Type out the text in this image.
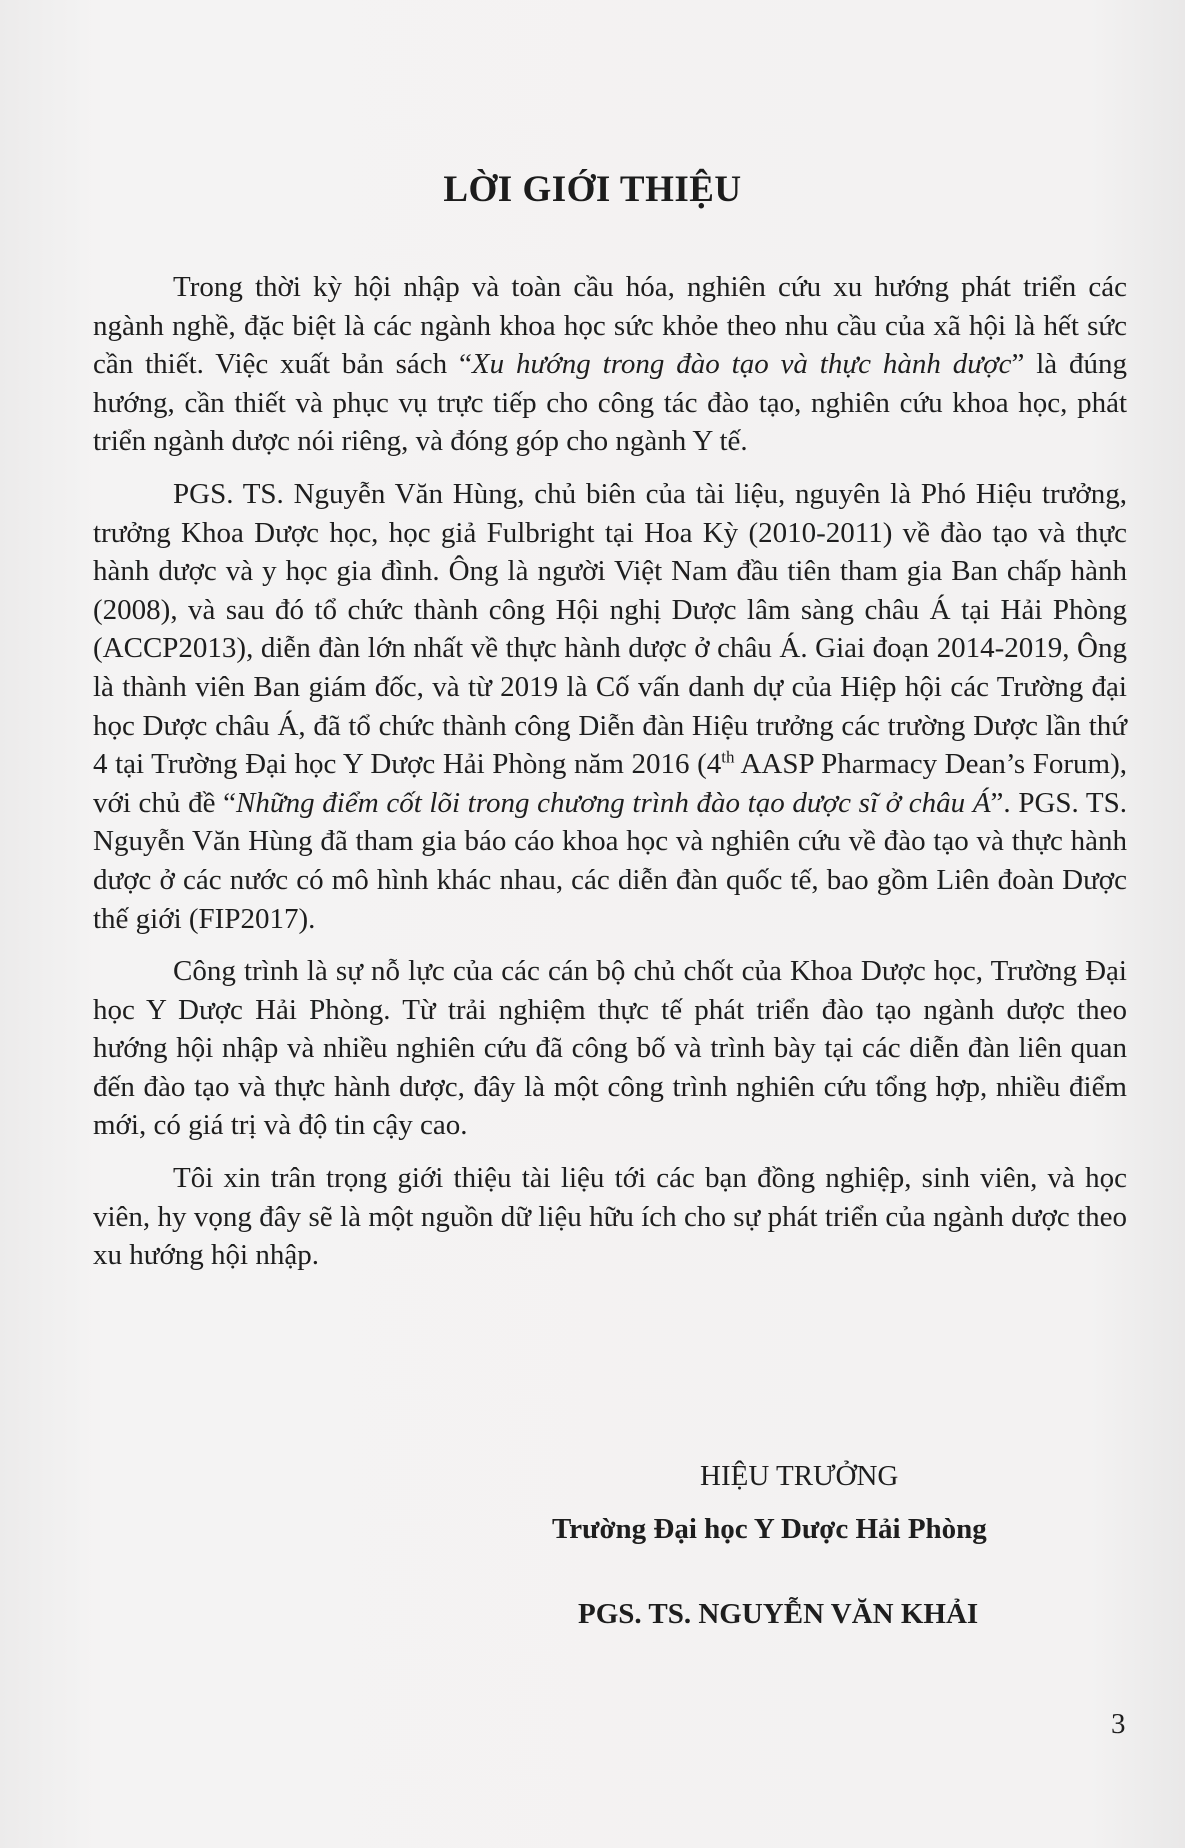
LỜI GIỚI THIỆU

Trong thời kỳ hội nhập và toàn cầu hóa, nghiên cứu xu hướng phát triển các ngành nghề, đặc biệt là các ngành khoa học sức khỏe theo nhu cầu của xã hội là hết sức cần thiết. Việc xuất bản sách “Xu hướng trong đào tạo và thực hành dược” là đúng hướng, cần thiết và phục vụ trực tiếp cho công tác đào tạo, nghiên cứu khoa học, phát triển ngành dược nói riêng, và đóng góp cho ngành Y tế.

PGS. TS. Nguyễn Văn Hùng, chủ biên của tài liệu, nguyên là Phó Hiệu trưởng, trưởng Khoa Dược học, học giả Fulbright tại Hoa Kỳ (2010-2011) về đào tạo và thực hành dược và y học gia đình. Ông là người Việt Nam đầu tiên tham gia Ban chấp hành (2008), và sau đó tổ chức thành công Hội nghị Dược lâm sàng châu Á tại Hải Phòng (ACCP2013), diễn đàn lớn nhất về thực hành dược ở châu Á. Giai đoạn 2014-2019, Ông là thành viên Ban giám đốc, và từ 2019 là Cố vấn danh dự của Hiệp hội các Trường đại học Dược châu Á, đã tổ chức thành công Diễn đàn Hiệu trưởng các trường Dược lần thứ 4 tại Trường Đại học Y Dược Hải Phòng năm 2016 (4th AASP Pharmacy Dean’s Forum), với chủ đề “Những điểm cốt lõi trong chương trình đào tạo dược sĩ ở châu Á”. PGS. TS. Nguyễn Văn Hùng đã tham gia báo cáo khoa học và nghiên cứu về đào tạo và thực hành dược ở các nước có mô hình khác nhau, các diễn đàn quốc tế, bao gồm Liên đoàn Dược thế giới (FIP2017).

Công trình là sự nỗ lực của các cán bộ chủ chốt của Khoa Dược học, Trường Đại học Y Dược Hải Phòng. Từ trải nghiệm thực tế phát triển đào tạo ngành dược theo hướng hội nhập và nhiều nghiên cứu đã công bố và trình bày tại các diễn đàn liên quan đến đào tạo và thực hành dược, đây là một công trình nghiên cứu tổng hợp, nhiều điểm mới, có giá trị và độ tin cậy cao.

Tôi xin trân trọng giới thiệu tài liệu tới các bạn đồng nghiệp, sinh viên, và học viên, hy vọng đây sẽ là một nguồn dữ liệu hữu ích cho sự phát triển của ngành dược theo xu hướng hội nhập.

HIỆU TRƯỞNG
Trường Đại học Y Dược Hải Phòng
PGS. TS. NGUYỄN VĂN KHẢI
3
